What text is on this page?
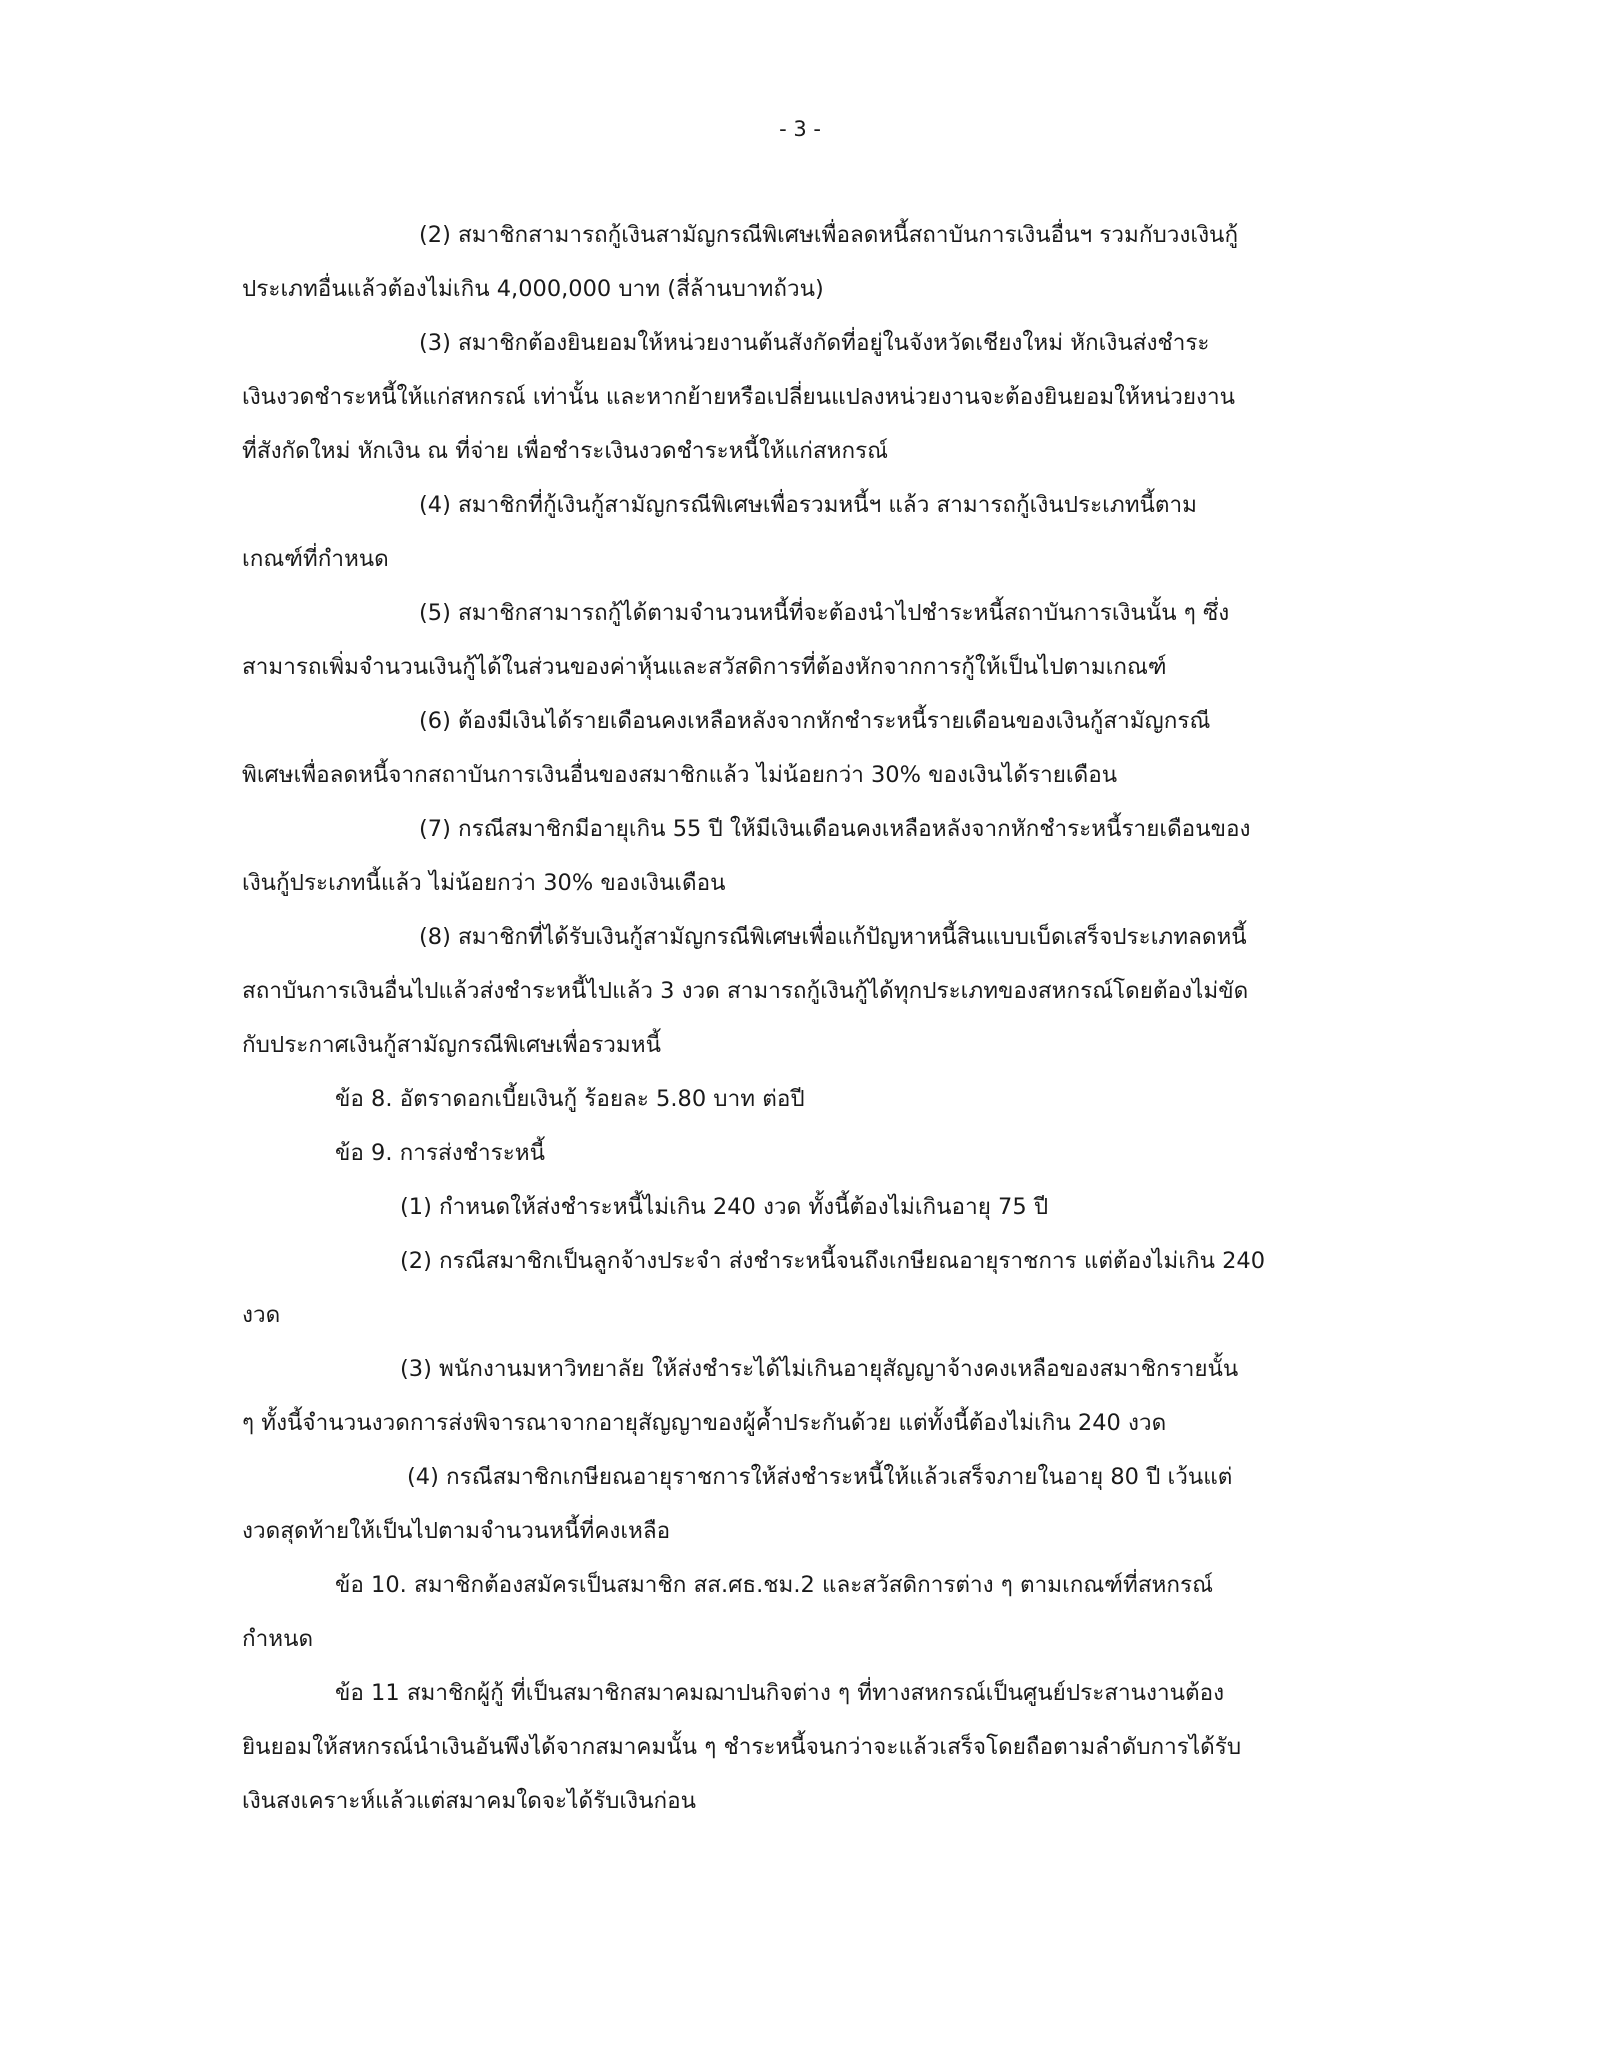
- 3 -
(2) สมาชิกสามารถกู้เงินสามัญกรณีพิเศษเพื่อลดหนี้สถาบันการเงินอื่นฯ รวมกับวงเงินกู้
ประเภทอื่นแล้วต้องไม่เกิน 4,000,000 บาท (สี่ล้านบาทถ้วน)
(3) สมาชิกต้องยินยอมให้หน่วยงานต้นสังกัดที่อยู่ในจังหวัดเชียงใหม่ หักเงินส่งชำระ
เงินงวดชำระหนี้ให้แก่สหกรณ์ เท่านั้น และหากย้ายหรือเปลี่ยนแปลงหน่วยงานจะต้องยินยอมให้หน่วยงาน
ที่สังกัดใหม่ หักเงิน ณ ที่จ่าย เพื่อชำระเงินงวดชำระหนี้ให้แก่สหกรณ์
(4) สมาชิกที่กู้เงินกู้สามัญกรณีพิเศษเพื่อรวมหนี้ฯ แล้ว สามารถกู้เงินประเภทนี้ตาม
เกณฑ์ที่กำหนด
(5) สมาชิกสามารถกู้ได้ตามจำนวนหนี้ที่จะต้องนำไปชำระหนี้สถาบันการเงินนั้น ๆ ซึ่ง
สามารถเพิ่มจำนวนเงินกู้ได้ในส่วนของค่าหุ้นและสวัสดิการที่ต้องหักจากการกู้ให้เป็นไปตามเกณฑ์
(6) ต้องมีเงินได้รายเดือนคงเหลือหลังจากหักชำระหนี้รายเดือนของเงินกู้สามัญกรณี
พิเศษเพื่อลดหนี้จากสถาบันการเงินอื่นของสมาชิกแล้ว ไม่น้อยกว่า 30% ของเงินได้รายเดือน
(7) กรณีสมาชิกมีอายุเกิน 55 ปี ให้มีเงินเดือนคงเหลือหลังจากหักชำระหนี้รายเดือนของ
เงินกู้ประเภทนี้แล้ว ไม่น้อยกว่า 30% ของเงินเดือน
(8) สมาชิกที่ได้รับเงินกู้สามัญกรณีพิเศษเพื่อแก้ปัญหาหนี้สินแบบเบ็ดเสร็จประเภทลดหนี้
สถาบันการเงินอื่นไปแล้วส่งชำระหนี้ไปแล้ว 3 งวด สามารถกู้เงินกู้ได้ทุกประเภทของสหกรณ์โดยต้องไม่ขัด
กับประกาศเงินกู้สามัญกรณีพิเศษเพื่อรวมหนี้
ข้อ 8. อัตราดอกเบี้ยเงินกู้ ร้อยละ 5.80 บาท ต่อปี
ข้อ 9. การส่งชำระหนี้
(1) กำหนดให้ส่งชำระหนี้ไม่เกิน 240 งวด ทั้งนี้ต้องไม่เกินอายุ 75 ปี
(2) กรณีสมาชิกเป็นลูกจ้างประจำ ส่งชำระหนี้จนถึงเกษียณอายุราชการ แต่ต้องไม่เกิน 240
งวด
(3) พนักงานมหาวิทยาลัย ให้ส่งชำระได้ไม่เกินอายุสัญญาจ้างคงเหลือของสมาชิกรายนั้น
ๆ ทั้งนี้จำนวนงวดการส่งพิจารณาจากอายุสัญญาของผู้ค้ำประกันด้วย แต่ทั้งนี้ต้องไม่เกิน 240 งวด
(4) กรณีสมาชิกเกษียณอายุราชการให้ส่งชำระหนี้ให้แล้วเสร็จภายในอายุ 80 ปี เว้นแต่
งวดสุดท้ายให้เป็นไปตามจำนวนหนี้ที่คงเหลือ
ข้อ 10. สมาชิกต้องสมัครเป็นสมาชิก สส.ศธ.ชม.2 และสวัสดิการต่าง ๆ ตามเกณฑ์ที่สหกรณ์
กำหนด
ข้อ 11 สมาชิกผู้กู้ ที่เป็นสมาชิกสมาคมฌาปนกิจต่าง ๆ ที่ทางสหกรณ์เป็นศูนย์ประสานงานต้อง
ยินยอมให้สหกรณ์นำเงินอันพึงได้จากสมาคมนั้น ๆ ชำระหนี้จนกว่าจะแล้วเสร็จโดยถือตามลำดับการได้รับ
เงินสงเคราะห์แล้วแต่สมาคมใดจะได้รับเงินก่อน
